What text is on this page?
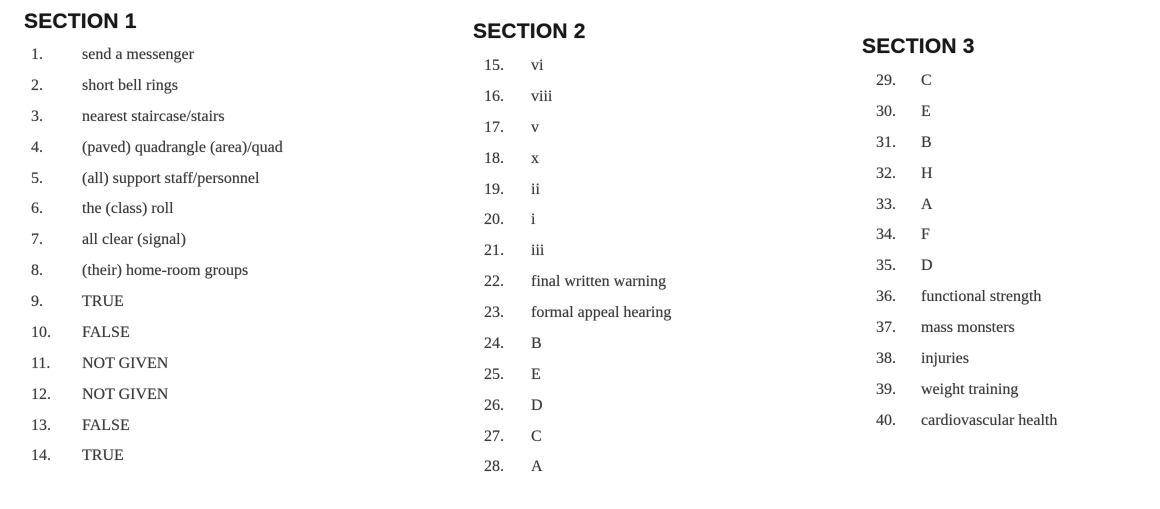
SECTION 1
1.	send a messenger
2.	short bell rings
3.	nearest staircase/stairs
4.	(paved) quadrangle (area)/quad
5.	(all) support staff/personnel
6.	the (class) roll
7.	all clear (signal)
8.	(their) home-room groups
9.	TRUE
10.	FALSE
11.	NOT GIVEN
12.	NOT GIVEN
13.	FALSE
14.	TRUE
SECTION 2
15.	vi
16.	viii
17.	v
18.	x
19.	ii
20.	i
21.	iii
22.	final written warning
23.	formal appeal hearing
24.	B
25.	E
26.	D
27.	C
28.	A
SECTION 3
29.	C
30.	E
31.	B
32.	H
33.	A
34.	F
35.	D
36.	functional strength
37.	mass monsters
38.	injuries
39.	weight training
40.	cardiovascular health
